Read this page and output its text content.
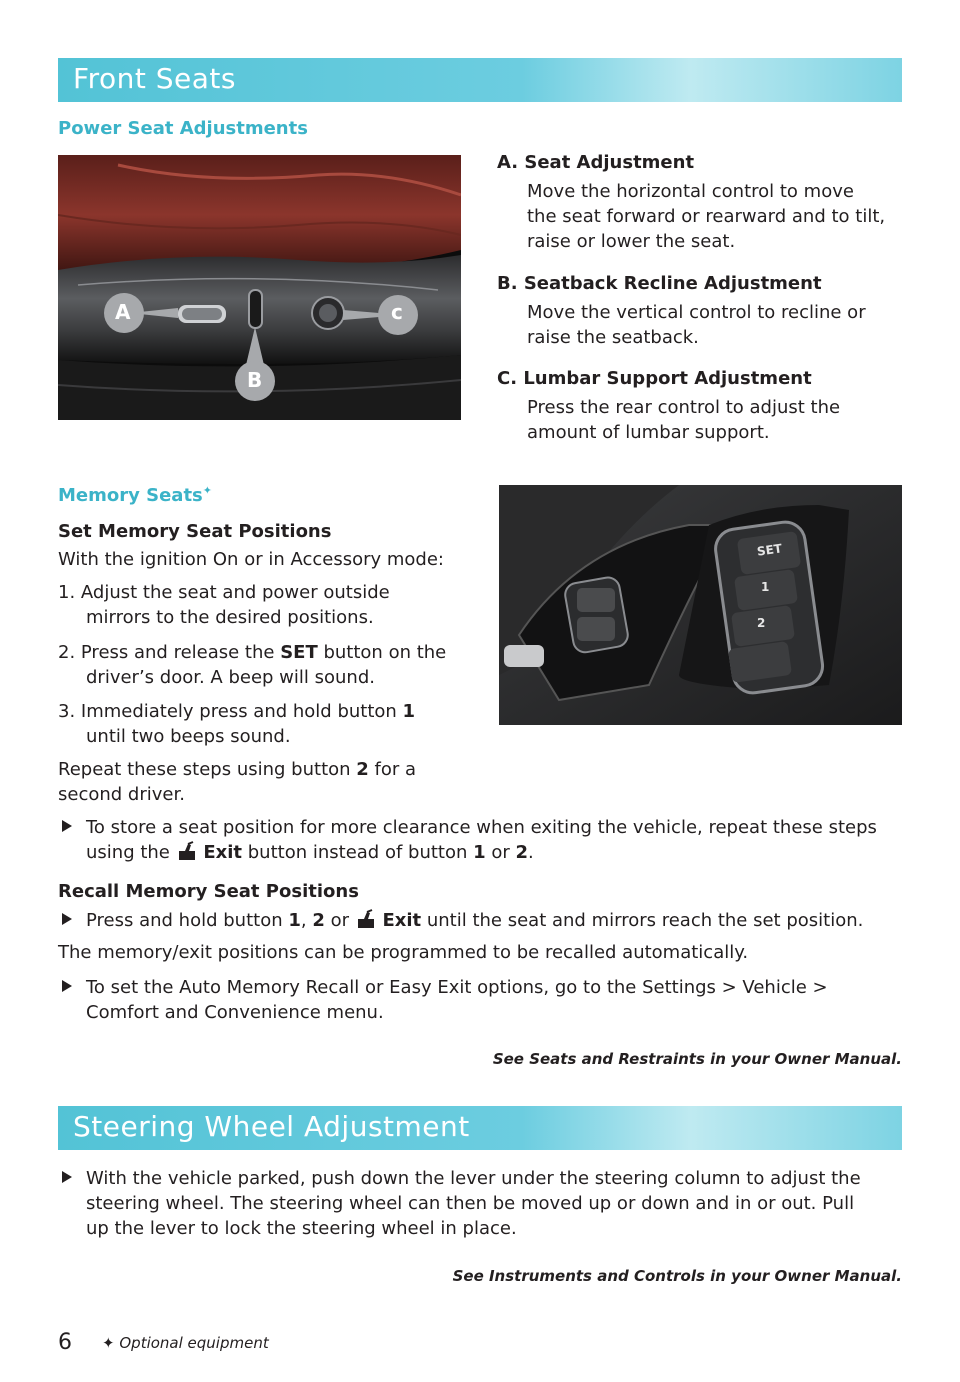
Front Seats
Power Seat Adjustments
A	c
B
A. Seat Adjustment
Move the horizontal control to move
the seat forward or rearward and to tilt,
raise or lower the seat.
B. Seatback Recline Adjustment
Move the vertical control to recline or
raise the seatback.
C. Lumbar Support Adjustment
Press the rear control to adjust the
amount of lumbar support.
Memory Seats✦
Set Memory Seat Positions
With the ignition On or in Accessory mode:
1. Adjust the seat and power outside
mirrors to the desired positions.
2. Press and release the SET button on the
driver’s door. A beep will sound.
3. Immediately press and hold button 1
until two beeps sound.
Repeat these steps using button 2 for a
second driver.
SET
1
2
To store a seat position for more clearance when exiting the vehicle, repeat these steps
using the  Exit button instead of button 1 or 2.
Recall Memory Seat Positions
Press and hold button 1, 2 or  Exit until the seat and mirrors reach the set position.
The memory/exit positions can be programmed to be recalled automatically.
To set the Auto Memory Recall or Easy Exit options, go to the Settings > Vehicle >
Comfort and Convenience menu.
See Seats and Restraints in your Owner Manual.
Steering Wheel Adjustment
With the vehicle parked, push down the lever under the steering column to adjust the
steering wheel. The steering wheel can then be moved up or down and in or out. Pull
up the lever to lock the steering wheel in place.
See Instruments and Controls in your Owner Manual.
6 ✦ Optional equipment
